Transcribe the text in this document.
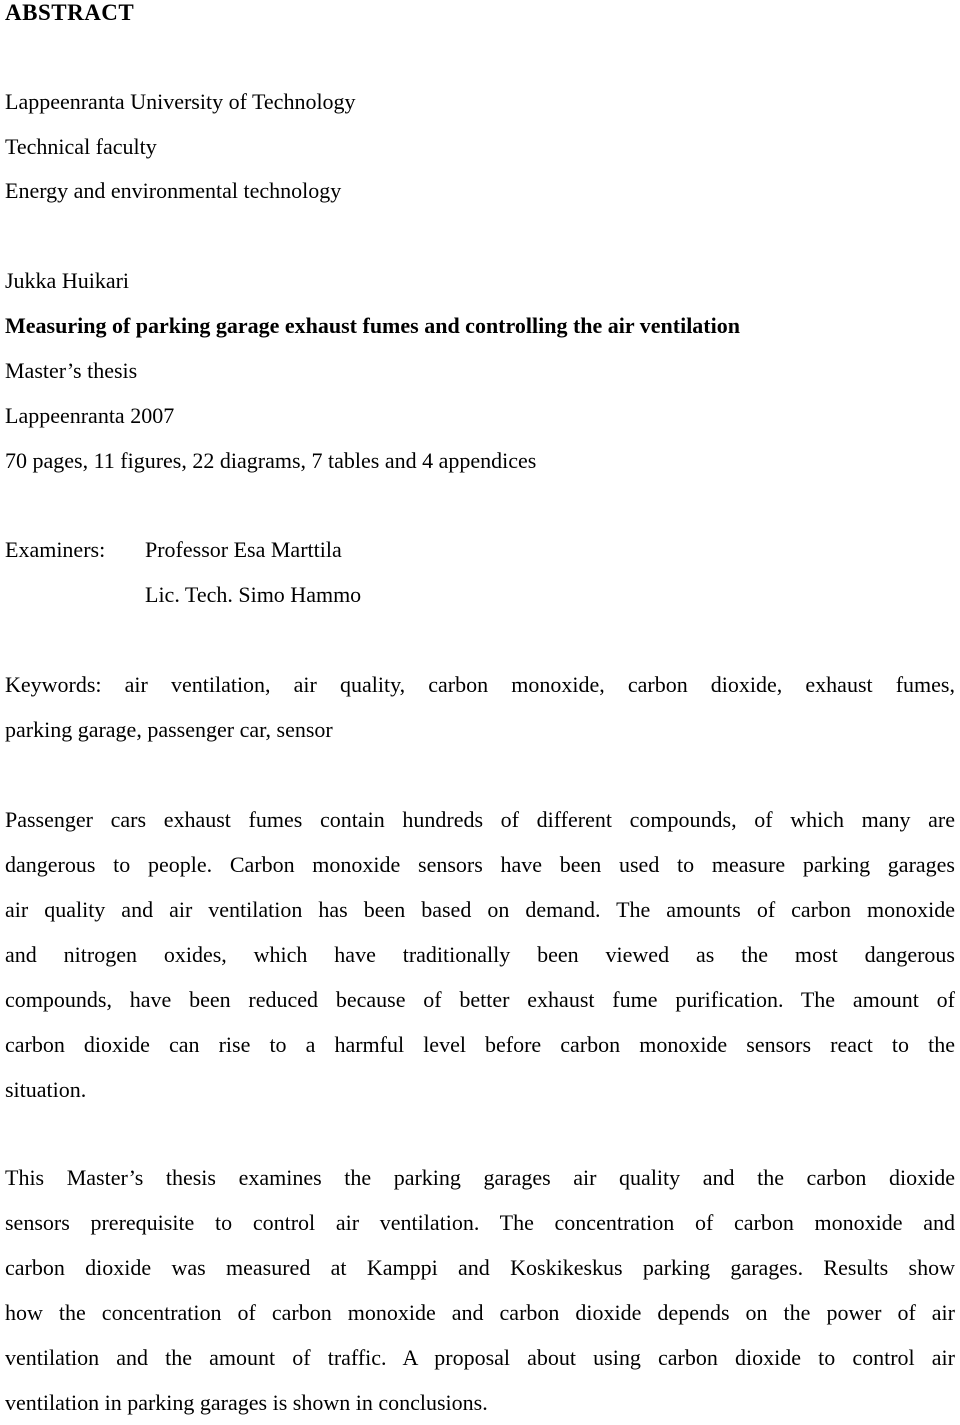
ABSTRACT
Lappeenranta University of Technology
Technical faculty
Energy and environmental technology
Jukka Huikari
Measuring of parking garage exhaust fumes and controlling the air ventilation
Master’s thesis
Lappeenranta 2007
70 pages, 11 figures, 22 diagrams, 7 tables and 4 appendices
Examiners: Professor Esa Marttila
Lic. Tech. Simo Hammo
Keywords: air ventilation, air quality, carbon monoxide, carbon dioxide, exhaust fumes,
parking garage, passenger car, sensor
Passenger cars exhaust fumes contain hundreds of different compounds, of which many are
dangerous to people. Carbon monoxide sensors have been used to measure parking garages
air quality and air ventilation has been based on demand. The amounts of carbon monoxide
and nitrogen oxides, which have traditionally been viewed as the most dangerous
compounds, have been reduced because of better exhaust fume purification. The amount of
carbon dioxide can rise to a harmful level before carbon monoxide sensors react to the
situation.
This Master’s thesis examines the parking garages air quality and the carbon dioxide
sensors prerequisite to control air ventilation. The concentration of carbon monoxide and
carbon dioxide was measured at Kamppi and Koskikeskus parking garages. Results show
how the concentration of carbon monoxide and carbon dioxide depends on the power of air
ventilation and the amount of traffic. A proposal about using carbon dioxide to control air
ventilation in parking garages is shown in conclusions.
